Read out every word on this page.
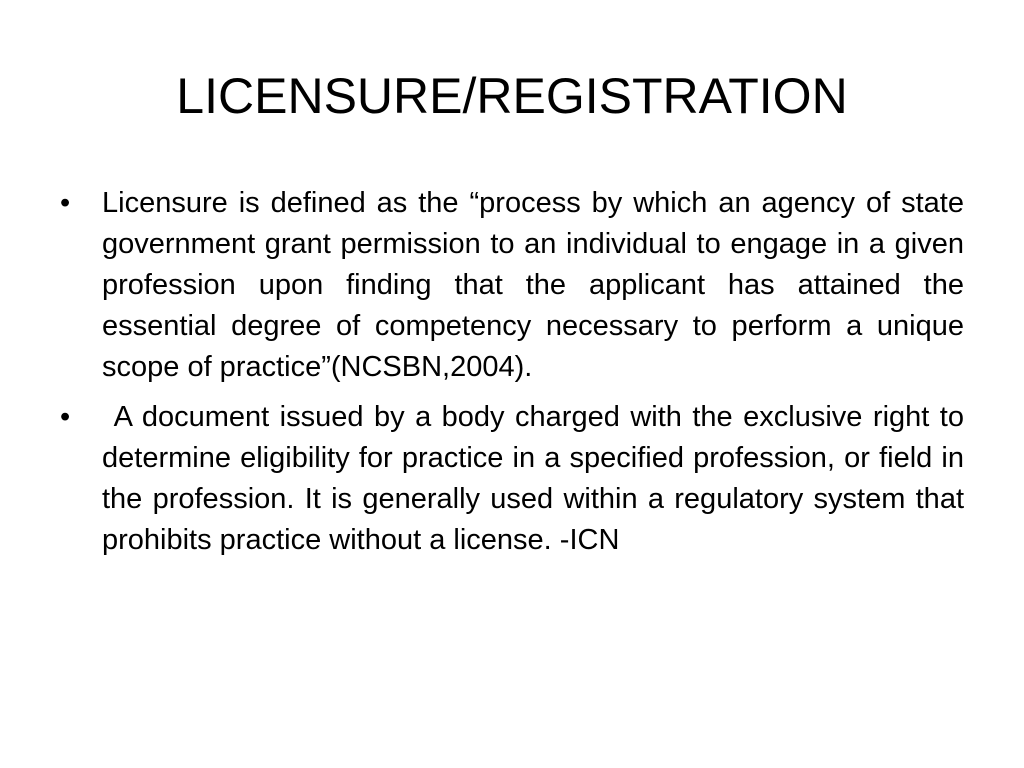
LICENSURE/REGISTRATION
•	Licensure is defined as the “process by which an agency of state government grant permission to an individual to engage in a given profession upon finding that the applicant has attained the essential degree of competency necessary to perform a unique scope of practice”(NCSBN,2004).
•	A document issued by a body charged with the exclusive right to determine eligibility for practice in a specified profession, or field in the profession. It is generally used within a regulatory system that prohibits practice without a license. -ICN
